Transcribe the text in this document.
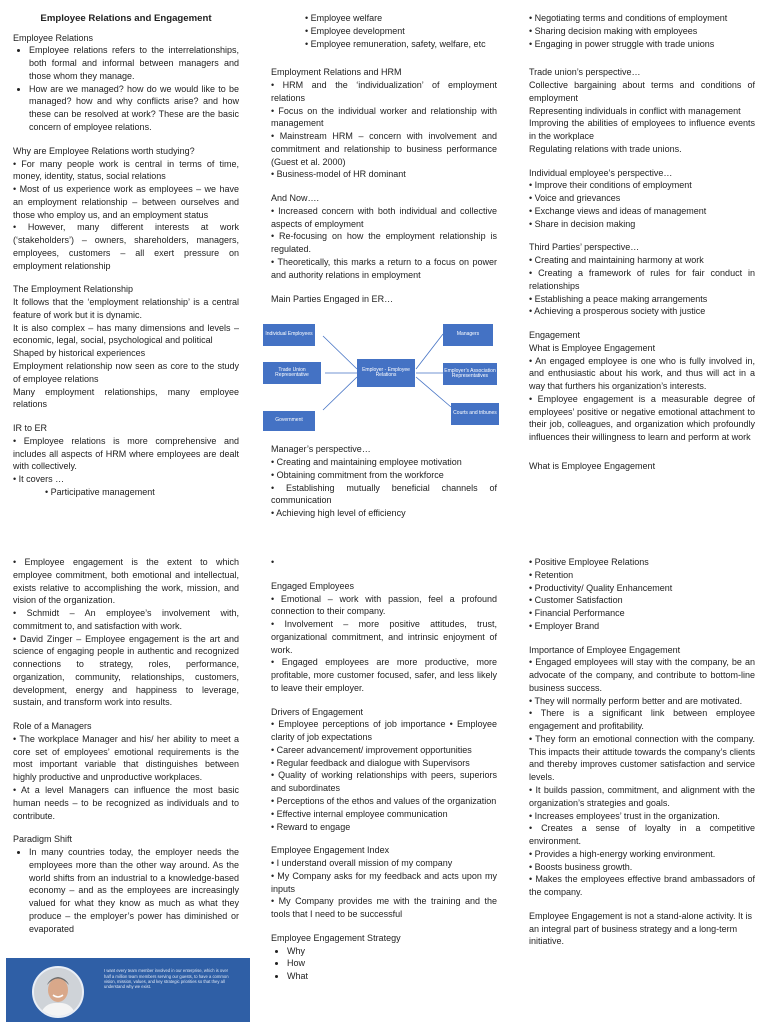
Employee Relations and Engagement

Employee Relations

• Employee relations refers to the interrelationships, both formal and informal between managers and those whom they manage.
• How are we managed? how do we would like to be managed? how and why conflicts arise? and how these can be resolved at work? These are the basic concern of employee relations.

Why are Employee Relations worth studying?

• For many people work is central in terms of time, money, identity, status, social relations

• Most of us experience work as employees – we have an employment relationship – between ourselves and those who employ us, and an employment status

• However, many different interests at work (‘stakeholders’) – owners, shareholders, managers, employees, customers – all exert pressure on employment relationship

The Employment Relationship

It follows that the ‘employment relationship’ is a central feature of work but it is dynamic.

It is also complex – has many dimensions and levels – economic, legal, social, psychological and political

Shaped by historical experiences

Employment relationship now seen as core to the study of employee relations

Many employment relationships, many employee relations

IR to ER

• Employee relations is more comprehensive and includes all aspects of HRM where employees are dealt with collectively.

• It covers …

• Participative management

• Employee engagement is the extent to which employee commitment, both emotional and intellectual, exists relative to accomplishing the work, mission, and vision of the organization.

• Schmidt – An employee’s involvement with, commitment to, and satisfaction with work.

• David Zinger – Employee engagement is the art and science of engaging people in authentic and recognized connections to strategy, roles, performance, organization, community, relationships, customers, development, energy and happiness to leverage, sustain, and transform work into results.

Role of a Managers

• The workplace Manager and his/ her ability to meet a core set of employees’ emotional requirements is the most important variable that distinguishes between highly productive and unproductive workplaces.

• At a level Managers can influence the most basic human needs – to be recognized as individuals and to contribute.

Paradigm Shift

• In many countries today, the employer needs the employees more than the other way around. As the world shifts from an industrial to a knowledge-based economy – and as the employees are increasingly valued for what they know as much as what they produce – the employer’s power has diminished or evaporated

I want every team member involved in our enterprise, which is over half a million team members serving our guests, to have a common vision, mission, values, and key strategic priorities so that they all understand why we exist.

• Employee welfare

• Employee development

• Employee remuneration, safety, welfare, etc

Employment Relations and HRM

• HRM and the ‘individualization’ of employment relations

• Focus on the individual worker and relationship with management

• Mainstream HRM – concern with involvement and commitment and relationship to business performance (Guest et al. 2000)

• Business-model of HR dominant

And Now….

• Increased concern with both individual and collective aspects of employment

• Re-focusing on how the employment relationship is regulated.

• Theoretically, this marks a return to a focus on power and authority relations in employment

Main Parties Engaged in ER…

Employer - Employee Relations
Individual Employees
Trade Union Representative
Government
Managers
Employer’s Association Representatives
Courts and tribunes

Manager’s perspective…

• Creating and maintaining employee motivation

• Obtaining commitment from the workforce

• Establishing mutually beneficial channels of communication

• Achieving high level of efficiency

•

Engaged Employees

• Emotional – work with passion, feel a profound connection to their company.

• Involvement – more positive attitudes, trust, organizational commitment, and intrinsic enjoyment of work.

• Engaged employees are more productive, more profitable, more customer focused, safer, and less likely to leave their employer.

Drivers of Engagement

• Employee perceptions of job importance • Employee clarity of job expectations

• Career advancement/ improvement opportunities

• Regular feedback and dialogue with Supervisors

• Quality of working relationships with peers, superiors and subordinates

• Perceptions of the ethos and values of the organization

• Effective internal employee communication

• Reward to engage

Employee Engagement Index

• I understand overall mission of my company

• My Company asks for my feedback and acts upon my inputs

• My Company provides me with the training and the tools that I need to be successful

Employee Engagement Strategy

• Why
• How
• What

• Negotiating terms and conditions of employment

• Sharing decision making with employees

• Engaging in power struggle with trade unions

Trade union’s perspective…

Collective bargaining about terms and conditions of employment

Representing individuals in conflict with management

Improving the abilities of employees to influence events in the workplace

Regulating relations with trade unions.

Individual employee’s perspective…

• Improve their conditions of employment

• Voice and grievances

• Exchange views and ideas of management

• Share in decision making

Third Parties’ perspective…

• Creating and maintaining harmony at work

• Creating a framework of rules for fair conduct in relationships

• Establishing a peace making arrangements

• Achieving a prosperous society with justice

Engagement

What is Employee Engagement

• An engaged employee is one who is fully involved in, and enthusiastic about his work, and thus will act in a way that furthers his organization’s interests.

• Employee engagement is a measurable degree of employees’ positive or negative emotional attachment to their job, colleagues, and organization which profoundly influences their willingness to learn and perform at work

What is Employee Engagement

• Positive Employee Relations

• Retention

• Productivity/ Quality Enhancement

• Customer Satisfaction

• Financial Performance

• Employer Brand

Importance of Employee Engagement

• Engaged employees will stay with the company, be an advocate of the company, and contribute to bottom-line business success.

• They will normally perform better and are motivated.

• There is a significant link between employee engagement and profitability.

• They form an emotional connection with the company. This impacts their attitude towards the company’s clients and thereby improves customer satisfaction and service levels.

• It builds passion, commitment, and alignment with the organization’s strategies and goals.

• Increases employees’ trust in the organization.

• Creates a sense of loyalty in a competitive environment.

• Provides a high-energy working environment.

• Boosts business growth.

• Makes the employees effective brand ambassadors of the company.

Employee Engagement is not a stand-alone activity. It is an integral part of business strategy and a long-term initiative.
